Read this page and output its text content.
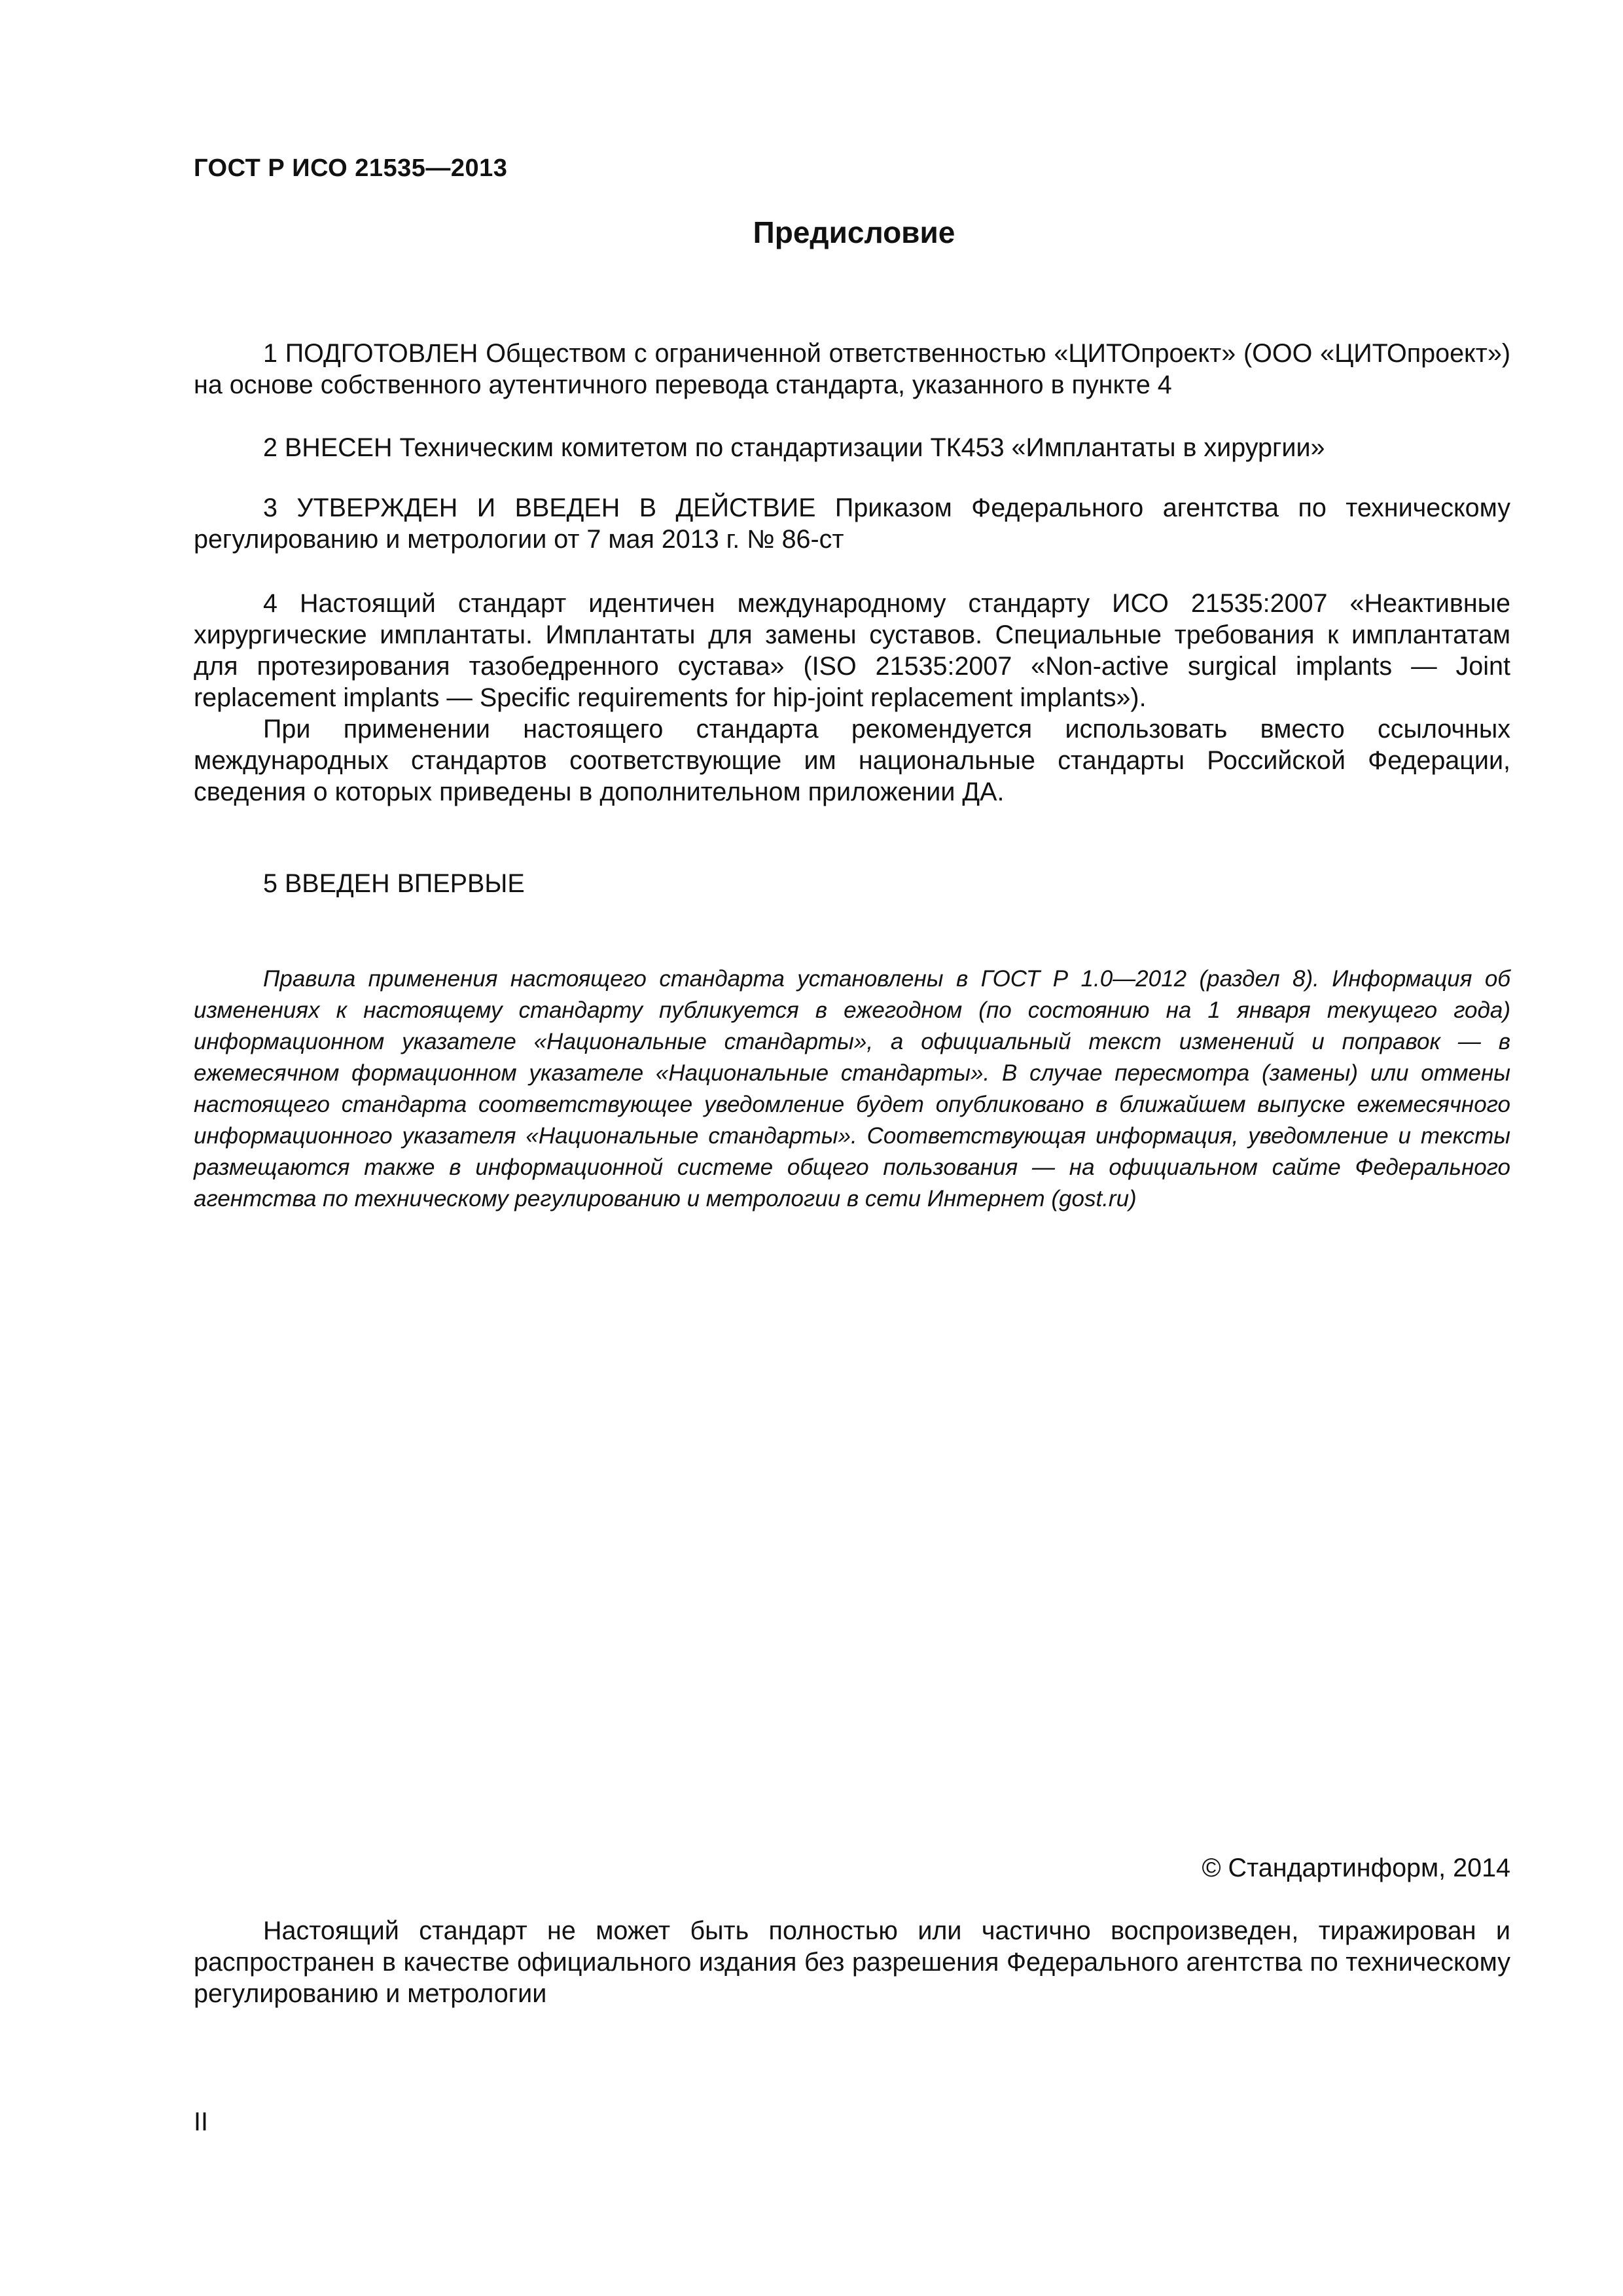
ГОСТ Р ИСО 21535—2013
Предисловие

1 ПОДГОТОВЛЕН Обществом с ограниченной ответственностью «ЦИТОпроект» (ООО «ЦИТОпроект») на основе собственного аутентичного перевода стандарта, указанного в пункте 4

2 ВНЕСЕН Техническим комитетом по стандартизации ТК453 «Имплантаты в хирургии»

3 УТВЕРЖДЕН И ВВЕДЕН В ДЕЙСТВИЕ Приказом Федерального агентства по техническому регулированию и метрологии от 7 мая 2013 г. № 86-ст

4 Настоящий стандарт идентичен международному стандарту ИСО 21535:2007 «Неактивные хирургические имплантаты. Имплантаты для замены суставов. Специальные требования к имплантатам для протезирования тазобедренного сустава» (ISO 21535:2007 «Non-active surgical implants — Joint replacement implants — Specific requirements for hip-joint replacement implants»).

При применении настоящего стандарта рекомендуется использовать вместо ссылочных международных стандартов соответствующие им национальные стандарты Российской Федерации, сведения о которых приведены в дополнительном приложении ДА.

5 ВВЕДЕН ВПЕРВЫЕ

Правила применения настоящего стандарта установлены в ГОСТ Р 1.0—2012 (раздел 8). Информация об изменениях к настоящему стандарту публикуется в ежегодном (по состоянию на 1 января текущего года) информационном указателе «Национальные стандарты», а официальный текст изменений и поправок — в ежемесячном формационном указателе «Национальные стандарты». В случае пересмотра (замены) или отмены настоящего стандарта соответствующее уведомление будет опубликовано в ближайшем выпуске ежемесячного информационного указателя «Национальные стандарты». Соответствующая информация, уведомление и тексты размещаются также в информационной системе общего пользования — на официальном сайте Федерального агентства по техническому регулированию и метрологии в сети Интернет (gost.ru)

© Стандартинформ, 2014

Настоящий стандарт не может быть полностью или частично воспроизведен, тиражирован и распространен в качестве официального издания без разрешения Федерального агентства по техническому регулированию и метрологии

II
